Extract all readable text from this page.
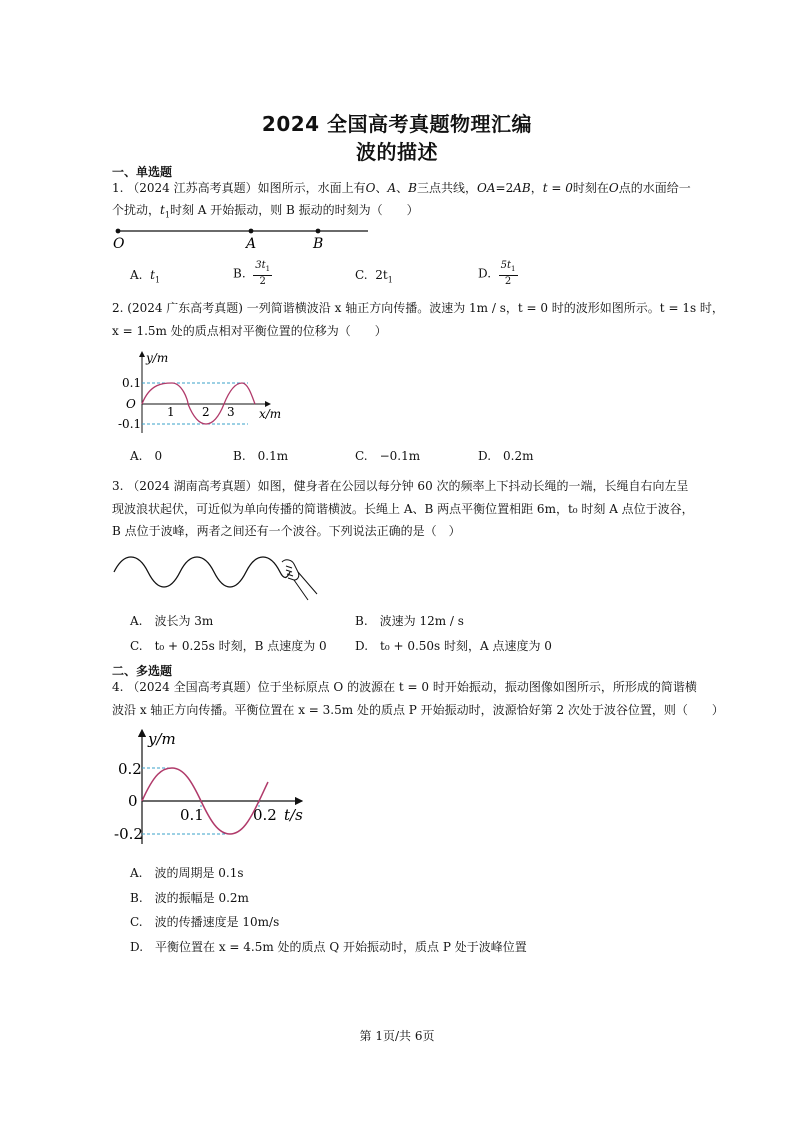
2024 全国高考真题物理汇编
波的描述
一、单选题
1. （2024 江苏高考真题）如图所示，水面上有O、A、B三点共线，OA=2AB，t = 0时刻在O点的水面给一
个扰动，$t_1$时刻 A 开始振动，则 B 振动的时刻为（　　）
O	A	B
A. $t_1$	B. $\frac{3t_1}{2}$	C. $2t_1$	D. $\frac{5t_1}{2}$
2. (2024 广东高考真题) 一列简谐横波沿 x 轴正方向传播。波速为 1m / s，t = 0 时的波形如图所示。t = 1s 时，
x = 1.5m 处的质点相对平衡位置的位移为（　　）
y/m
x/m
O
0.1
-0.1
1 2 3
A.　0	B.　0.1m	C.　−0.1m	D.　0.2m
3. （2024 湖南高考真题）如图，健身者在公园以每分钟 60 次的频率上下抖动长绳的一端，长绳自右向左呈
现波浪状起伏，可近似为单向传播的简谐横波。长绳上 A、B 两点平衡位置相距 6m，t₀ 时刻 A 点位于波谷，
B 点位于波峰，两者之间还有一个波谷。下列说法正确的是（　）
A.　波长为 3m	B.　波速为 12m / s
C.　t₀ + 0.25s 时刻，B 点速度为 0 D.　t₀ + 0.50s 时刻，A 点速度为 0
二、多选题
4. （2024 全国高考真题）位于坐标原点 O 的波源在 t = 0 时开始振动，振动图像如图所示，所形成的简谐横
波沿 x 轴正方向传播。平衡位置在 x = 3.5m 处的质点 P 开始振动时，波源恰好第 2 次处于波谷位置，则（　　）
y/m
t/s
0.2
0
-0.2
0.1	0.2
A.　波的周期是 0.1s
B.　波的振幅是 0.2m
C.　波的传播速度是 10m/s
D.　平衡位置在 x = 4.5m 处的质点 Q 开始振动时，质点 P 处于波峰位置
第 1页/共 6页
